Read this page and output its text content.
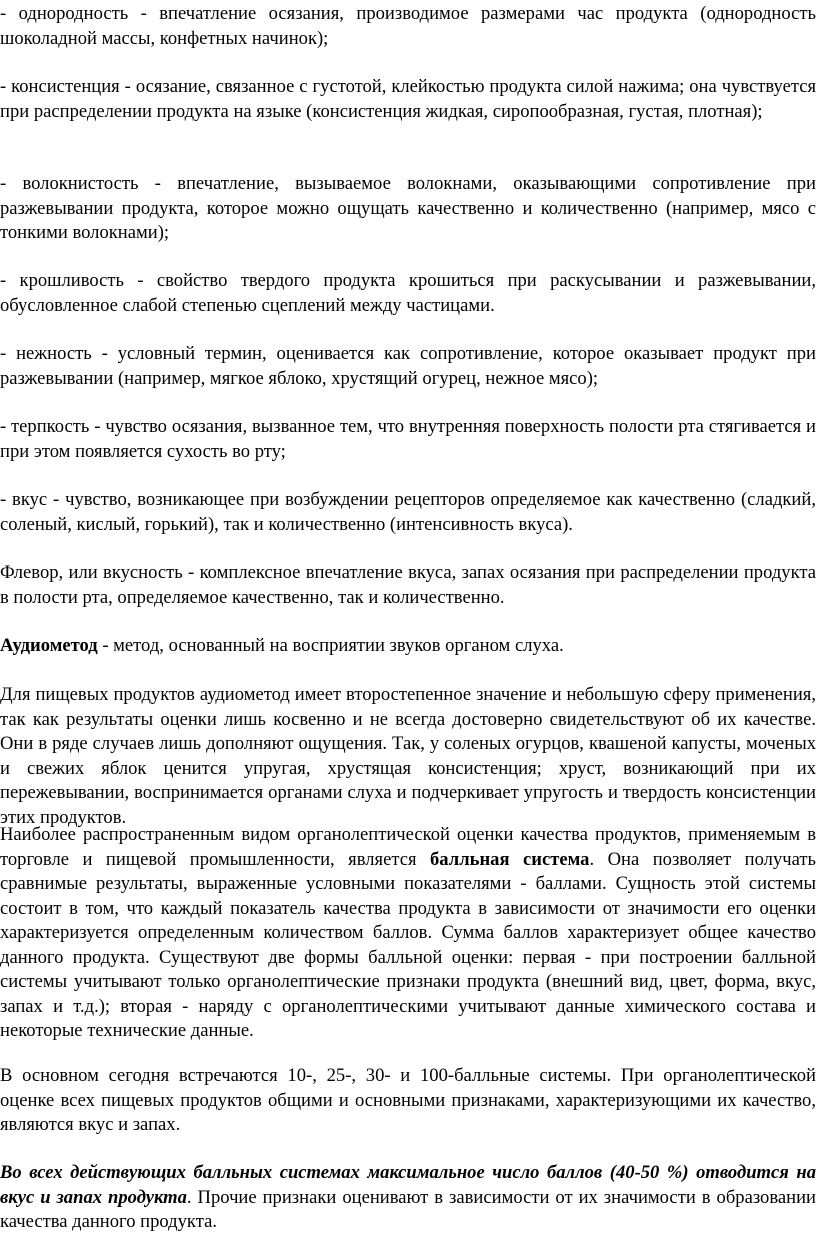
- однородность - впечатление осязания, производимое размерами час продукта (однородность шоколадной массы, конфетных начинок);

- консистенция - осязание, связанное с густотой, клейкостью продукта силой нажима; она чувствуется при распределении продукта на языке (консистенция жидкая, сиропообразная, густая, плотная);

- волокнистость - впечатление, вызываемое волокнами, оказывающими сопротивление при разжевывании продукта, которое можно ощущать качественно и количественно (например, мясо с тонкими волокнами);

- крошливость - свойство твердого продукта крошиться при раскусывании и разжевывании, обусловленное слабой степенью сцеплений между частицами.

- нежность - условный термин, оценивается как сопротивление, которое оказывает продукт при разжевывании (например, мягкое яблоко, хрустящий огурец, нежное мясо);

- терпкость - чувство осязания, вызванное тем, что внутренняя поверхность полости рта стягивается и при этом появляется сухость во рту;

- вкус - чувство, возникающее при возбуждении рецепторов определяемое как качественно (сладкий, соленый, кислый, горький), так и количественно (интенсивность вкуса).

Флевор, или вкусность - комплексное впечатление вкуса, запах осязания при распределении продукта в полости рта, определяемое качественно, так и количественно.

Аудиометод - метод, основанный на восприятии звуков органом слуха.

Для пищевых продуктов аудиометод имеет второстепенное значение и небольшую сферу применения, так как результаты оценки лишь косвенно и не всегда достоверно свидетельствуют об их качестве. Они в ряде случаев лишь дополняют ощущения. Так, у соленых огурцов, квашеной капусты, моченых и свежих яблок ценится упругая, хрустящая консистенция; хруст, возникающий при их пережевывании, воспринимается органами слуха и подчеркивает упругость и твердость консистенции этих продуктов.

Наиболее распространенным видом органолептической оценки качества продуктов, применяемым в торговле и пищевой промышленности, является балльная система. Она позволяет получать сравнимые результаты, выраженные условными показателями - баллами. Сущность этой системы состоит в том, что каждый показатель качества продукта в зависимости от значимости его оценки характеризуется определенным количеством баллов. Сумма баллов характеризует общее качество данного продукта. Существуют две формы балльной оценки: первая - при построении балльной системы учитывают только органолептические признаки продукта (внешний вид, цвет, форма, вкус, запах и т.д.); вторая - наряду с органолептическими учитывают данные химического состава и некоторые технические данные.

В основном сегодня встречаются 10-, 25-, 30- и 100-балльные системы. При органолептической оценке всех пищевых продуктов общими и основными признаками, характеризующими их качество, являются вкус и запах.

Во всех действующих балльных системах максимальное число баллов (40-50 %) отводится на вкус и запах продукта. Прочие признаки оценивают в зависимости от их значимости в образовании качества данного продукта.
